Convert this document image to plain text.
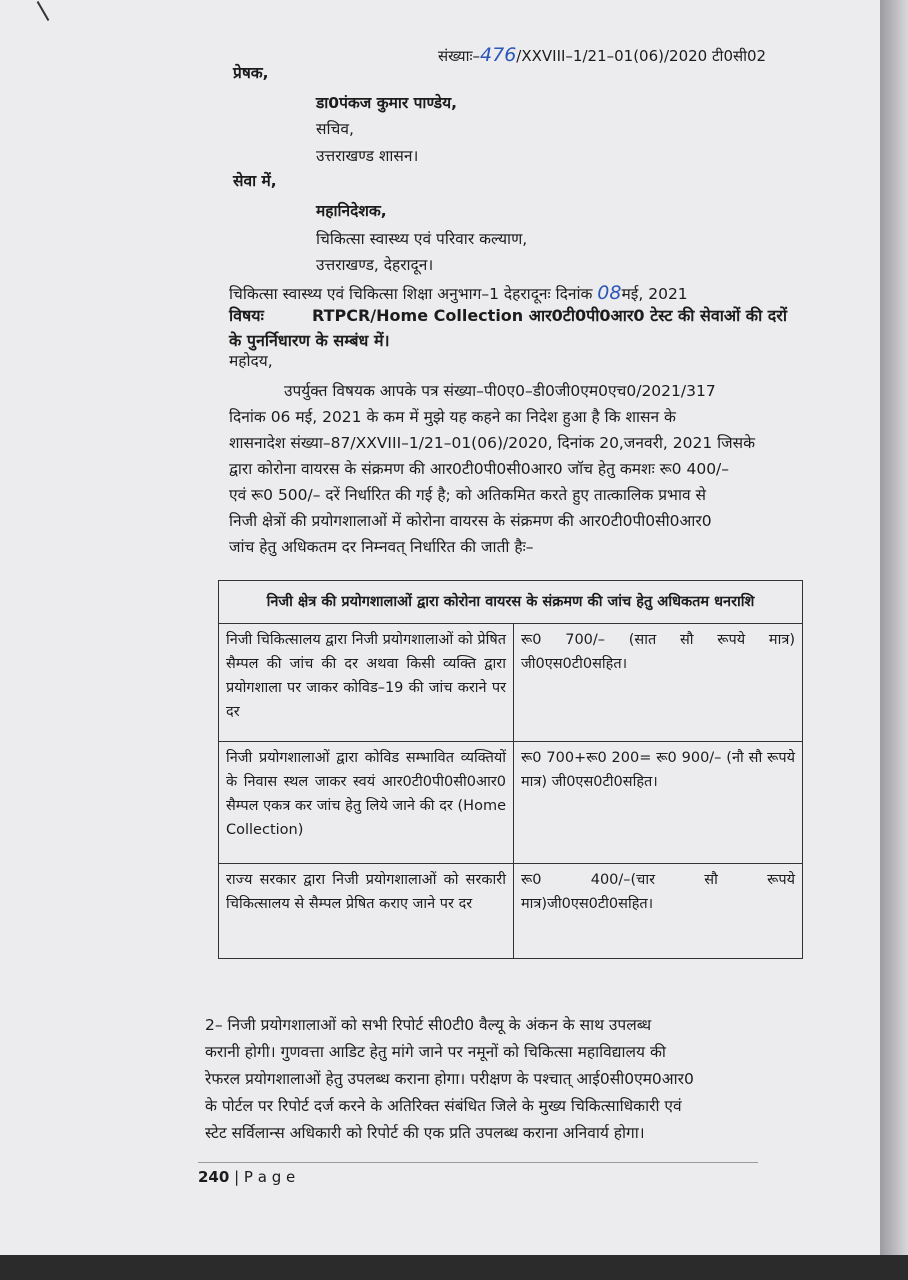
संख्याः–476/XXVIII–1/21–01(06)/2020 टी0सी02
प्रेषक,
डा0पंकज कुमार पाण्डेय,
सचिव,
उत्तराखण्ड शासन।
सेवा में,
महानिदेशक,
चिकित्सा स्वास्थ्य एवं परिवार कल्याण,
उत्तराखण्ड, देहरादून।
चिकित्सा स्वास्थ्य एवं चिकित्सा शिक्षा अनुभाग–1 देहरादूनः दिनांक 08मई, 2021
विषयः	RTPCR/Home Collection आर0टी0पी0आर0 टेस्ट की सेवाओं की दरों
के पुनर्निधारण के सम्बंध में।
महोदय,

उपर्युक्त विषयक आपके पत्र संख्या–पी0ए0–डी0जी0एम0एच0/2021/317

दिनांक 06 मई, 2021 के कम में मुझे यह कहने का निदेश हुआ है कि शासन के

शासनादेश संख्या–87/XXVIII–1/21–01(06)/2020, दिनांक 20,जनवरी, 2021 जिसके

द्वारा कोरोना वायरस के संक्रमण की आर0टी0पी0सी0आर0 जॉच हेतु कमशः रू0 400/–

एवं रू0 500/– दरें निर्धारित की गई है; को अतिकमित करते हुए तात्कालिक प्रभाव से

निजी क्षेत्रों की प्रयोगशालाओं में कोरोना वायरस के संक्रमण की आर0टी0पी0सी0आर0

जांच हेतु अधिकतम दर निम्नवत् निर्धारित की जाती हैः–

निजी क्षेत्र की प्रयोगशालाओं द्वारा कोरोना वायरस के संक्रमण की जांच हेतु अधिकतम धनराशि	
निजी चिकित्सालय द्वारा निजी प्रयोगशालाओं को प्रेषित सैम्पल की जांच की दर अथवा किसी व्यक्ति द्वारा प्रयोगशाला पर जाकर कोविड–19 की जांच कराने पर दर	रू0 700/– (सात सौ रूपये मात्र) जी0एस0टी0सहित।
निजी प्रयोगशालाओं द्वारा कोविड सम्भावित व्यक्तियों के निवास स्थल जाकर स्वयं आर0टी0पी0सी0आर0 सैम्पल एकत्र कर जांच हेतु लिये जाने की दर (Home Collection)	रू0 700+रू0 200= रू0 900/– (नौ सौ रूपये मात्र) जी0एस0टी0सहित।
राज्य सरकार द्वारा निजी प्रयोगशालाओं को सरकारी चिकित्सालय से सैम्पल प्रेषित कराए जाने पर दर	रू0 400/–(चार सौ रूपये मात्र)जी0एस0टी0सहित।

2– निजी प्रयोगशालाओं को सभी रिपोर्ट सी0टी0 वैल्यू के अंकन के साथ उपलब्ध

करानी होगी। गुणवत्ता आडिट हेतु मांगे जाने पर नमूनों को चिकित्सा महाविद्यालय की

रेफरल प्रयोगशालाओं हेतु उपलब्ध कराना होगा। परीक्षण के पश्चात् आई0सी0एम0आर0

के पोर्टल पर रिपोर्ट दर्ज करने के अतिरिक्त संबंधित जिले के मुख्य चिकित्साधिकारी एवं

स्टेट सर्विलान्स अधिकारी को रिपोर्ट की एक प्रति उपलब्ध कराना अनिवार्य होगा।

240 | P a g e
